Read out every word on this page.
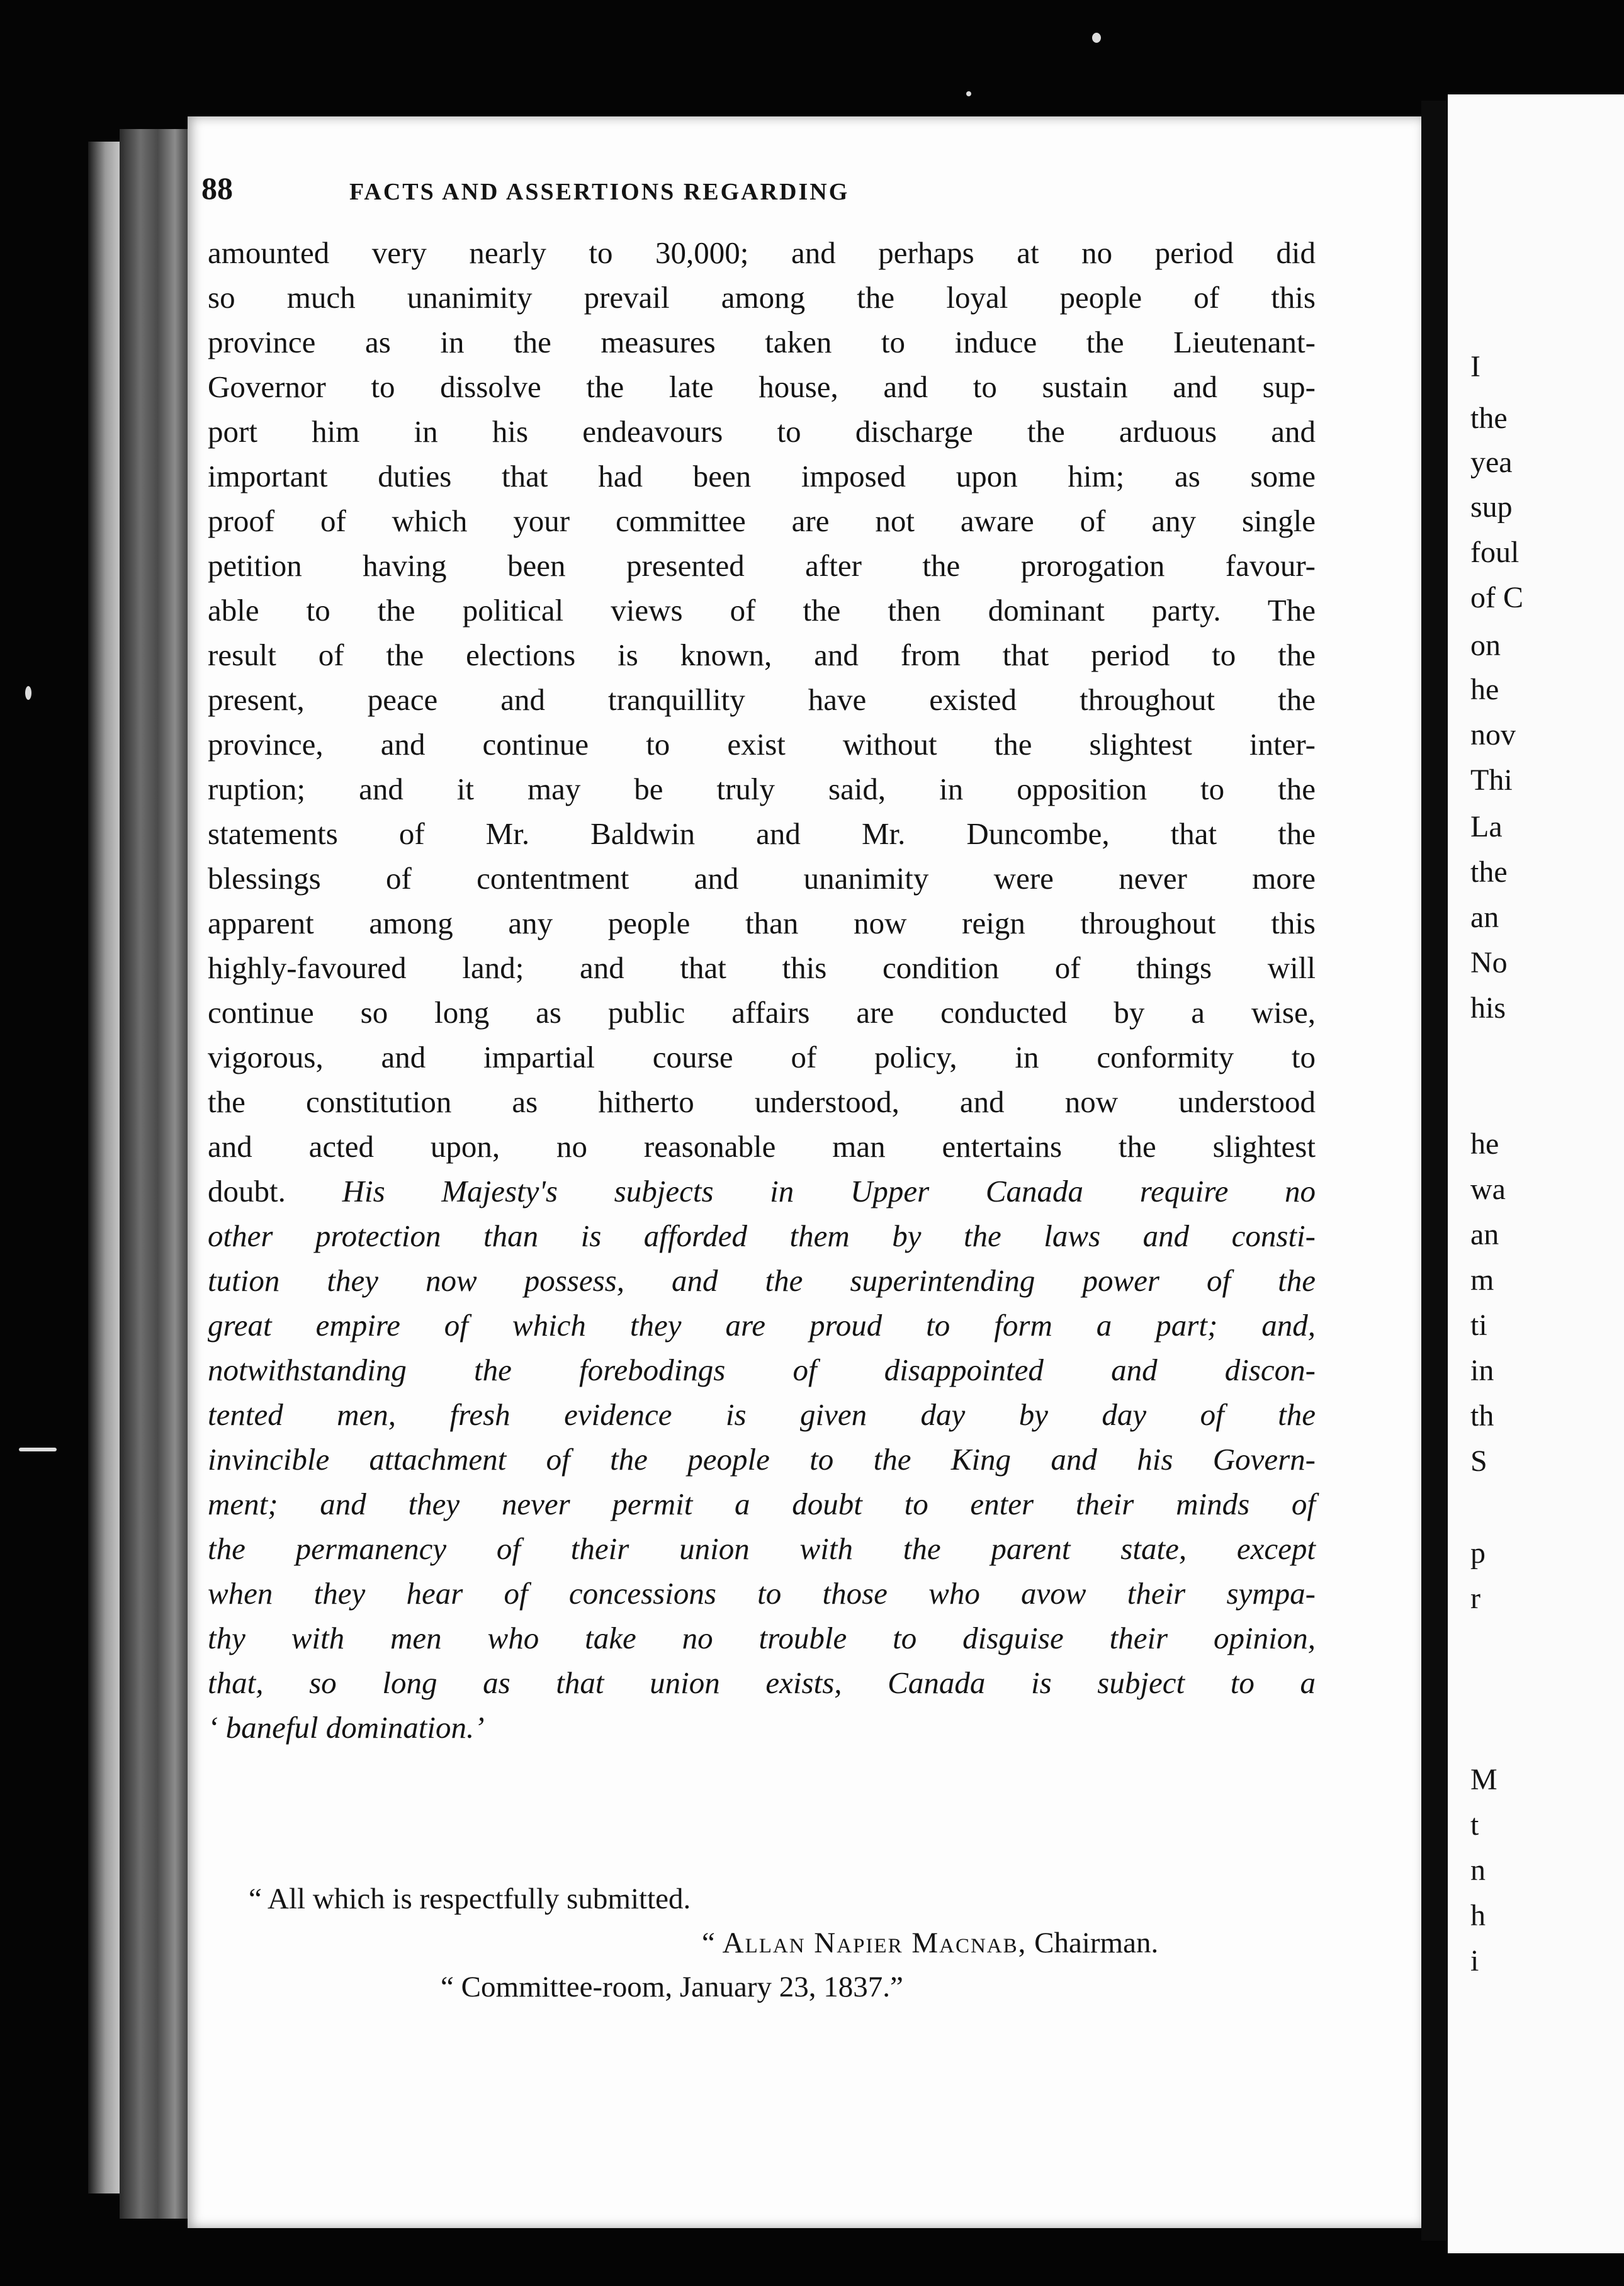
88	FACTS AND ASSERTIONS REGARDING
amounted very nearly to 30,000; and perhaps at no period did
so much unanimity prevail among the loyal people of this
province as in the measures taken to induce the Lieutenant-
Governor to dissolve the late house, and to sustain and sup-
port him in his endeavours to discharge the arduous and
important duties that had been imposed upon him; as some
proof of which your committee are not aware of any single
petition having been presented after the prorogation favour-
able to the political views of the then dominant party. The
result of the elections is known, and from that period to the
present, peace and tranquillity have existed throughout the
province, and continue to exist without the slightest inter-
ruption; and it may be truly said, in opposition to the
statements of Mr. Baldwin and Mr. Duncombe, that the
blessings of contentment and unanimity were never more
apparent among any people than now reign throughout this
highly-favoured land; and that this condition of things will
continue so long as public affairs are conducted by a wise,
vigorous, and impartial course of policy, in conformity to
the constitution as hitherto understood, and now understood
and acted upon, no reasonable man entertains the slightest
doubt. His Majesty's subjects in Upper Canada require no
other protection than is afforded them by the laws and consti-
tution they now possess, and the superintending power of the
great empire of which they are proud to form a part; and,
notwithstanding the forebodings of disappointed and discon-
tented men, fresh evidence is given day by day of the
invincible attachment of the people to the King and his Govern-
ment; and they never permit a doubt to enter their minds of
the permanency of their union with the parent state, except
when they hear of concessions to those who avow their sympa-
thy with men who take no trouble to disguise their opinion,
that, so long as that union exists, Canada is subject to a
‘ baneful domination.’
“ All which is respectfully submitted.
“ Allan Napier Macnab, Chairman.
“ Committee-room, January 23, 1837.”
I
the
yea
sup
foul
of C
on
he
nov
Thi
La
the
an
No
his
he
wa
an
m
ti
in
th
S
p
r
M
t
n
h
i
